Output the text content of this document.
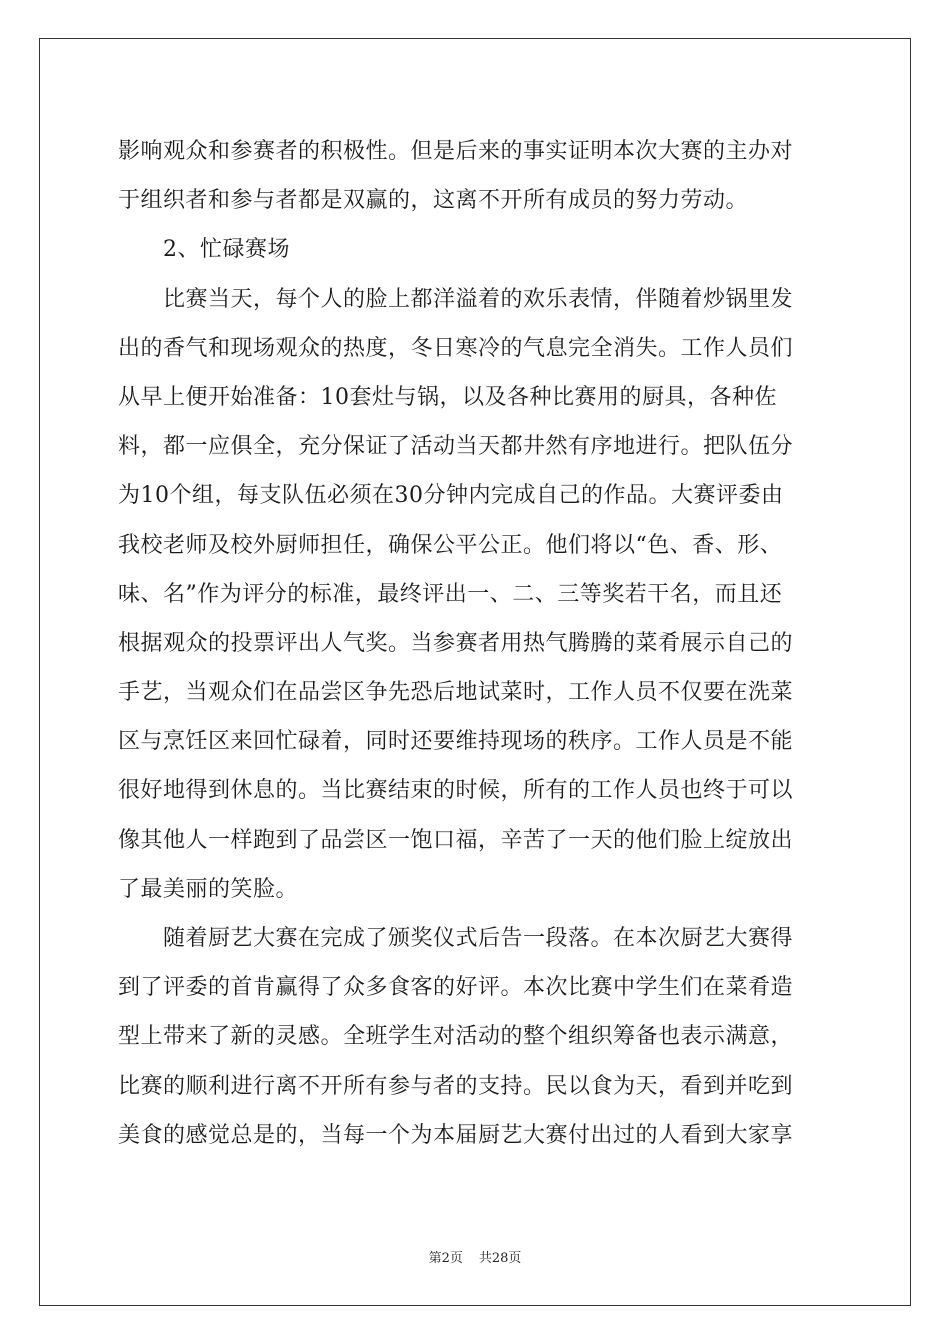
影响观众和参赛者的积极性。但是后来的事实证明本次大赛的主办对
于组织者和参与者都是双赢的，这离不开所有成员的努力劳动。
　　2、忙碌赛场
　　比赛当天，每个人的脸上都洋溢着的欢乐表情，伴随着炒锅里发
出的香气和现场观众的热度，冬日寒冷的气息完全消失。工作人员们
从早上便开始准备：10套灶与锅，以及各种比赛用的厨具，各种佐
料，都一应俱全，充分保证了活动当天都井然有序地进行。把队伍分
为10个组，每支队伍必须在30分钟内完成自己的作品。大赛评委由
我校老师及校外厨师担任，确保公平公正。他们将以“色、香、形、
味、名”作为评分的标准，最终评出一、二、三等奖若干名，而且还
根据观众的投票评出人气奖。当参赛者用热气腾腾的菜肴展示自己的
手艺，当观众们在品尝区争先恐后地试菜时，工作人员不仅要在洗菜
区与烹饪区来回忙碌着，同时还要维持现场的秩序。工作人员是不能
很好地得到休息的。当比赛结束的时候，所有的工作人员也终于可以
像其他人一样跑到了品尝区一饱口福，辛苦了一天的他们脸上绽放出
了最美丽的笑脸。
　　随着厨艺大赛在完成了颁奖仪式后告一段落。在本次厨艺大赛得
到了评委的首肯赢得了众多食客的好评。本次比赛中学生们在菜肴造
型上带来了新的灵感。全班学生对活动的整个组织筹备也表示满意，
比赛的顺利进行离不开所有参与者的支持。民以食为天，看到并吃到
美食的感觉总是的，当每一个为本届厨艺大赛付出过的人看到大家享
第2页 共28页
